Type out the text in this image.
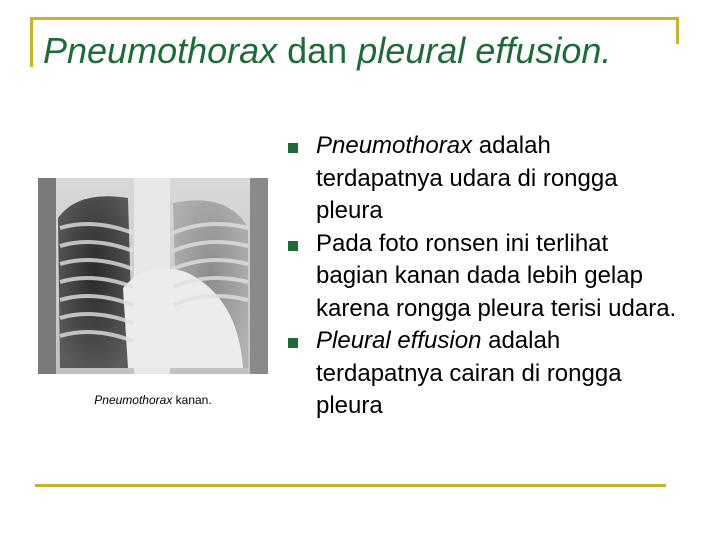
Pneumothorax dan pleural effusion.
Pneumothorax kanan.
Pneumothorax adalah terdapatnya udara di rongga pleura
Pada foto ronsen ini terlihat bagian kanan dada lebih gelap karena rongga pleura terisi udara.
Pleural effusion adalah terdapatnya cairan di rongga pleura
